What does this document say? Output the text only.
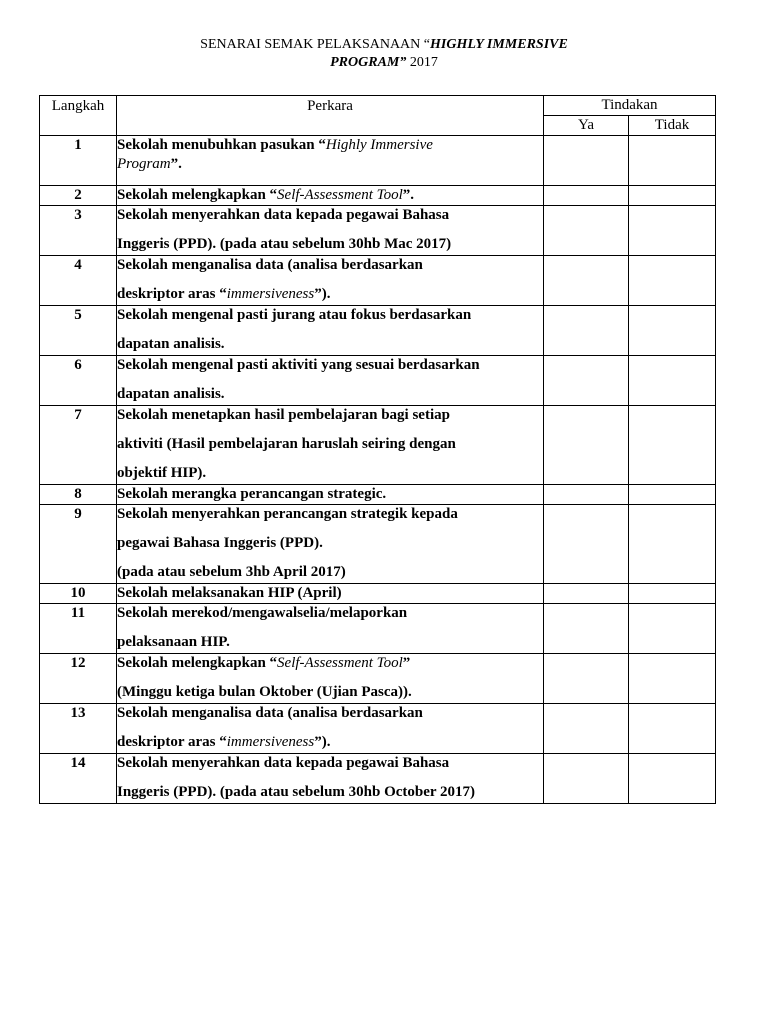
SENARAI SEMAK PELAKSANAAN “HIGHLY IMMERSIVE
PROGRAM” 2017
Langkah	Perkara	Tindakan	
		Ya	Tidak
1	Sekolah menubuhkan pasukan “Highly Immersive
Program”.		

2	Sekolah melengkapkan “Self-Assessment Tool”.		

3	Sekolah menyerahkan data kepada pegawai Bahasa
Inggeris (PPD). (pada atau sebelum 30hb Mac 2017)		

4	Sekolah menganalisa data (analisa berdasarkan
deskriptor aras “immersiveness”).		

5	Sekolah mengenal pasti jurang atau fokus berdasarkan
dapatan analisis.		

6	Sekolah mengenal pasti aktiviti yang sesuai berdasarkan
dapatan analisis.		

7	Sekolah menetapkan hasil pembelajaran bagi setiap
aktiviti (Hasil pembelajaran haruslah seiring dengan
objektif HIP).		

8	Sekolah merangka perancangan strategic.		

9	Sekolah menyerahkan perancangan strategik kepada
pegawai Bahasa Inggeris (PPD).
(pada atau sebelum 3hb April 2017)		

10	Sekolah melaksanakan HIP (April)		

11	Sekolah merekod/mengawalselia/melaporkan
pelaksanaan HIP.		

12	Sekolah melengkapkan “Self-Assessment Tool”
(Minggu ketiga bulan Oktober (Ujian Pasca)).		

13	Sekolah menganalisa data (analisa berdasarkan
deskriptor aras “immersiveness”).		

14	Sekolah menyerahkan data kepada pegawai Bahasa
Inggeris (PPD). (pada atau sebelum 30hb October 2017)		
